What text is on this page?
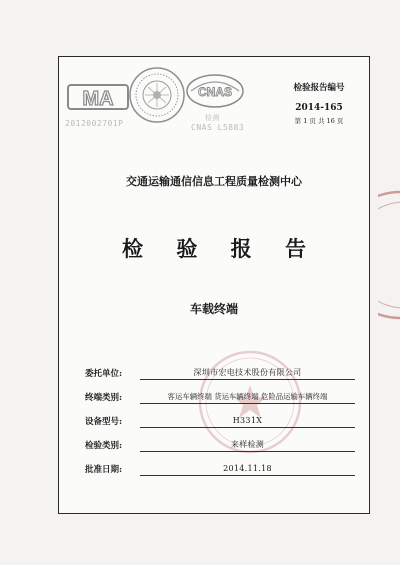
MA
2012002701P
CNAS
检测
CNAS L5883
检验报告编号
2014-165
第 1 页 共 16 页
交通运输通信信息工程质量检测中心
检 验 报 告
车载终端
委托单位:	深圳市宏电技术股份有限公司
终端类别:	客运车辆终端 货运车辆终端 危险品运输车辆终端
设备型号:	H331X
检验类别:	来样检测
批准日期:	2014.11.18
